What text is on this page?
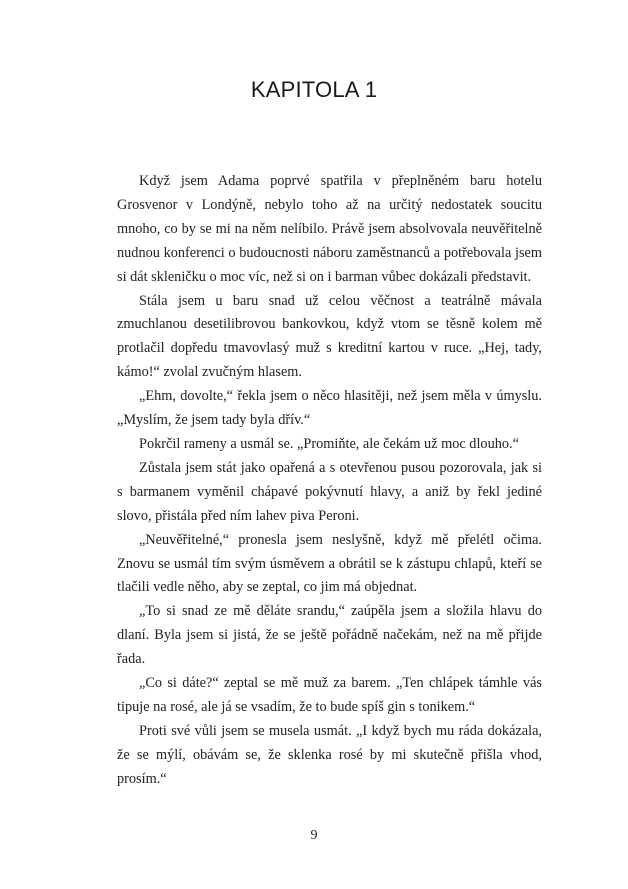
KAPITOLA 1

Když jsem Adama poprvé spatřila v přeplněném baru hotelu Grosvenor v Londýně, nebylo toho až na určitý nedostatek soucitu mnoho, co by se mi na něm nelíbilo. Právě jsem absolvovala neuvěřitelně nudnou konferenci o budoucnosti náboru zaměstnanců a potřebovala jsem si dát skleničku o moc víc, než si on i barman vůbec dokázali představit.

Stála jsem u baru snad už celou věčnost a teatrálně mávala zmuchlanou desetilibrovou bankovkou, když vtom se těsně kolem mě protlačil dopředu tmavovlasý muž s kreditní kartou v ruce. „Hej, tady, kámo!“ zvolal zvučným hlasem.

„Ehm, dovolte,“ řekla jsem o něco hlasitěji, než jsem měla v úmyslu. „Myslím, že jsem tady byla dřív.“

Pokrčil rameny a usmál se. „Promiňte, ale čekám už moc dlouho.“

Zůstala jsem stát jako opařená a s otevřenou pusou pozorovala, jak si s barmanem vyměnil chápavé pokývnutí hlavy, a aniž by řekl jediné slovo, přistála před ním lahev piva Peroni.

„Neuvěřitelné,“ pronesla jsem neslyšně, když mě přelétl očima. Znovu se usmál tím svým úsměvem a obrátil se k zástupu chlapů, kteří se tlačili vedle něho, aby se zeptal, co jim má objednat.

„To si snad ze mě děláte srandu,“ zaúpěla jsem a složila hlavu do dlaní. Byla jsem si jistá, že se ještě pořádně načekám, než na mě přijde řada.

„Co si dáte?“ zeptal se mě muž za barem. „Ten chlápek támhle vás tipuje na rosé, ale já se vsadím, že to bude spíš gin s tonikem.“

Proti své vůli jsem se musela usmát. „I když bych mu ráda dokázala, že se mýlí, obávám se, že sklenka rosé by mi skutečně přišla vhod, prosím.“

9
